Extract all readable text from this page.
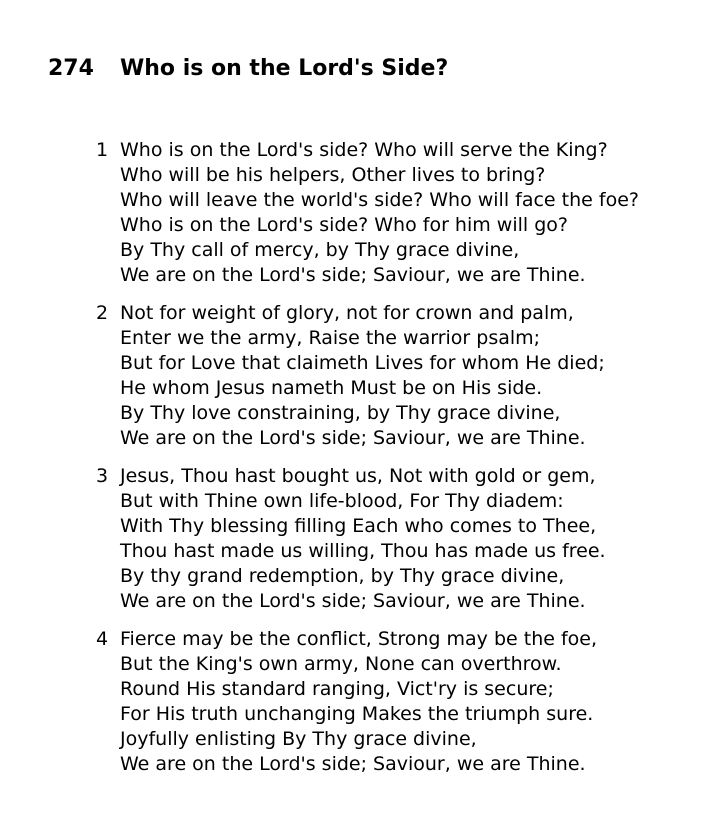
274 Who is on the Lord's Side?
1 Who is on the Lord's side? Who will serve the King?
Who will be his helpers, Other lives to bring?
Who will leave the world's side? Who will face the foe?
Who is on the Lord's side? Who for him will go?
By Thy call of mercy, by Thy grace divine,
We are on the Lord's side; Saviour, we are Thine.
2 Not for weight of glory, not for crown and palm,
Enter we the army, Raise the warrior psalm;
But for Love that claimeth Lives for whom He died;
He whom Jesus nameth Must be on His side.
By Thy love constraining, by Thy grace divine,
We are on the Lord's side; Saviour, we are Thine.
3 Jesus, Thou hast bought us, Not with gold or gem,
But with Thine own life-blood, For Thy diadem:
With Thy blessing filling Each who comes to Thee,
Thou hast made us willing, Thou has made us free.
By thy grand redemption, by Thy grace divine,
We are on the Lord's side; Saviour, we are Thine.
4 Fierce may be the conflict, Strong may be the foe,
But the King's own army, None can overthrow.
Round His standard ranging, Vict'ry is secure;
For His truth unchanging Makes the triumph sure.
Joyfully enlisting By Thy grace divine,
We are on the Lord's side; Saviour, we are Thine.
